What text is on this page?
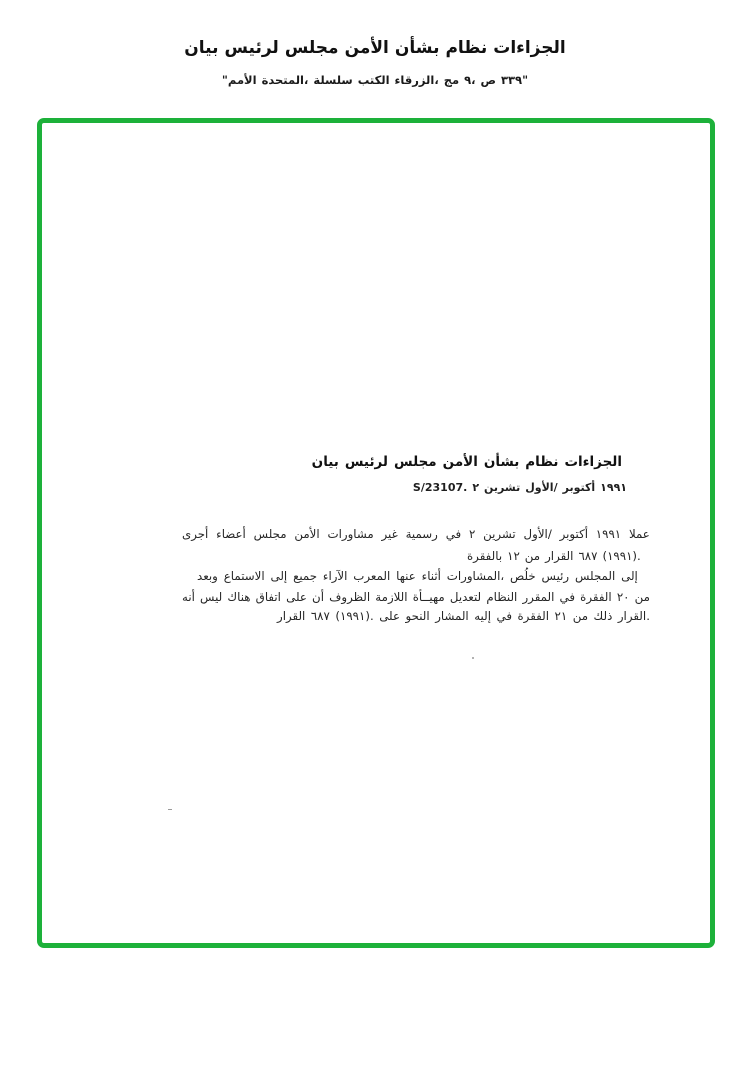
بيان لرئيس مجلس الأمن بشأن نظام الجزاءات
"الأمم المتحدة، سلسلة الكتب الزرقاء، مج ٩، ص ٣٣٩"
بيان لرئيس مجلس الأمن بشأن نظام الجزاءات
S/23107. ٢ تشرين الأول/ أكتوبر ١٩٩١
أجرى أعضاء مجلس الأمن مشاورات غير رسمية في ٢ تشرين الأول/ أكتوبر ١٩٩١ عملا
بالفقرة ١٢ من القرار ٦٨٧ (١٩٩١).
وبعد الاستماع إلى جميع الآراء المعرب عنها أثناء المشاورات، خلُص رئيس المجلس إلى
أنه ليس هناك اتفاق على أن الظروف اللازمة مهيــأة لتعديل النظام المقرر في الفقرة ٢٠ من
القرار ٦٨٧ (١٩٩١). على النحو المشار إليه في الفقرة ٢١ من ذلك القرار.
